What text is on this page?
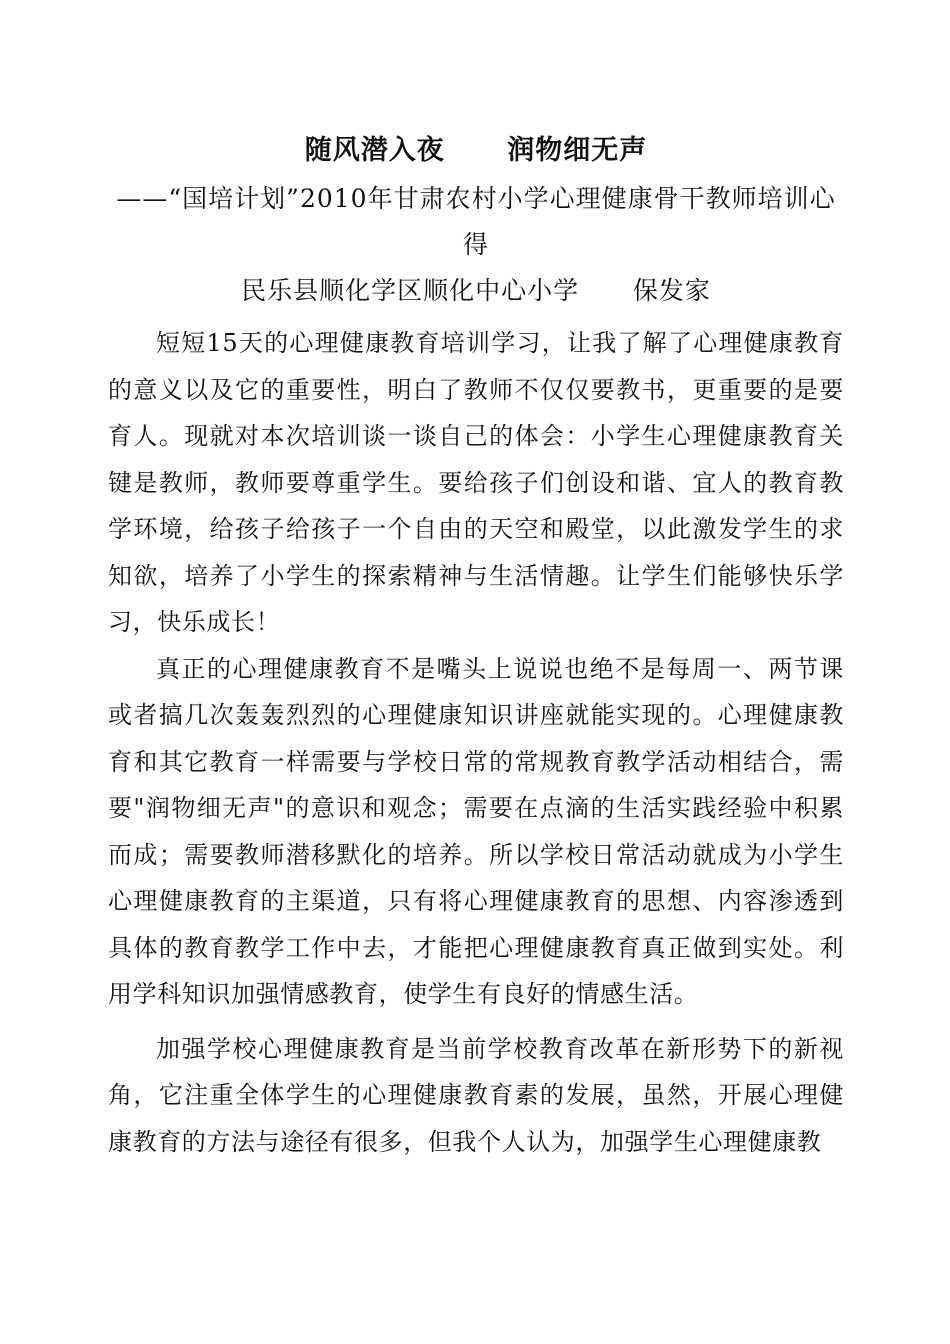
随风潜入夜      润物细无声
——“国培计划”2010年甘肃农村小学心理健康骨干教师培训心得
民乐县顺化学区顺化中心小学      保发家

短短15天的心理健康教育培训学习，让我了解了心理健康教育的意义以及它的重要性，明白了教师不仅仅要教书，更重要的是要育人。现就对本次培训谈一谈自己的体会：小学生心理健康教育关键是教师，教师要尊重学生。要给孩子们创设和谐、宜人的教育教学环境，给孩子给孩子一个自由的天空和殿堂，以此激发学生的求知欲，培养了小学生的探索精神与生活情趣。让学生们能够快乐学习，快乐成长！

真正的心理健康教育不是嘴头上说说也绝不是每周一、两节课或者搞几次轰轰烈烈的心理健康知识讲座就能实现的。心理健康教育和其它教育一样需要与学校日常的常规教育教学活动相结合，需要"润物细无声"的意识和观念；需要在点滴的生活实践经验中积累而成；需要教师潜移默化的培养。所以学校日常活动就成为小学生心理健康教育的主渠道，只有将心理健康教育的思想、内容渗透到具体的教育教学工作中去，才能把心理健康教育真正做到实处。利用学科知识加强情感教育，使学生有良好的情感生活。

加强学校心理健康教育是当前学校教育改革在新形势下的新视角，它注重全体学生的心理健康教育素的发展，虽然，开展心理健康教育的方法与途径有很多，但我个人认为，加强学生心理健康教
